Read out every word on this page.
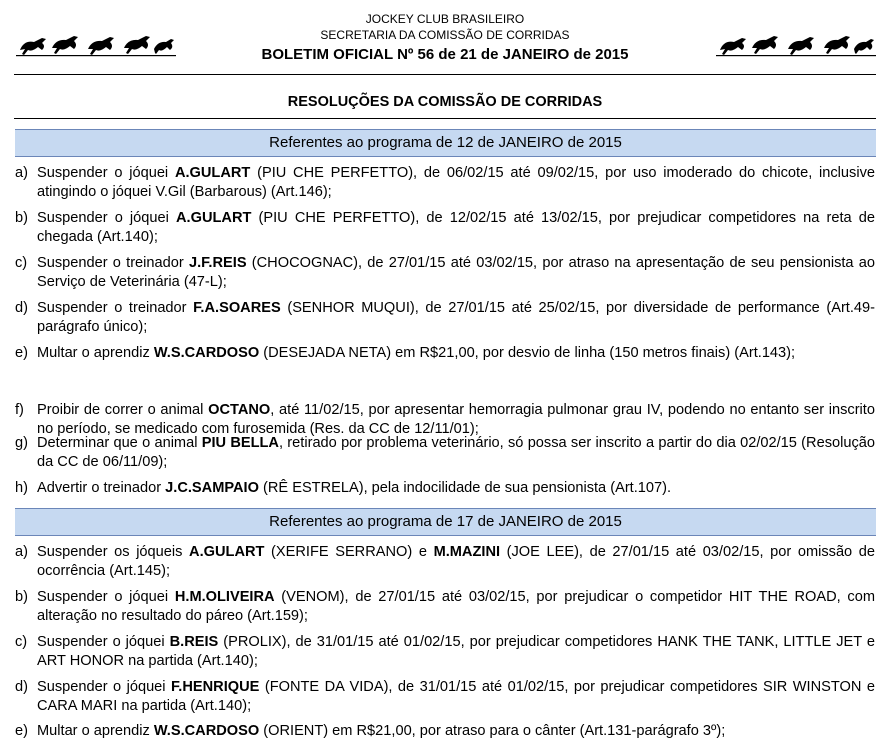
JOCKEY CLUB BRASILEIRO
SECRETARIA DA COMISSÃO DE CORRIDAS
BOLETIM OFICIAL Nº 56 de 21 de JANEIRO de 2015
RESOLUÇÕES DA COMISSÃO DE CORRIDAS
Referentes ao programa de 12 de JANEIRO de 2015
a) Suspender o jóquei A.GULART (PIU CHE PERFETTO), de 06/02/15 até 09/02/15, por uso imoderado do chicote, inclusive atingindo o jóquei V.Gil (Barbarous) (Art.146);
b) Suspender o jóquei A.GULART (PIU CHE PERFETTO), de 12/02/15 até 13/02/15, por prejudicar competidores na reta de chegada (Art.140);
c) Suspender o treinador J.F.REIS (CHOCOGNAC), de 27/01/15 até 03/02/15, por atraso na apresentação de seu pensionista ao Serviço de Veterinária (47-L);
d) Suspender o treinador F.A.SOARES (SENHOR MUQUI), de 27/01/15 até 25/02/15, por diversidade de performance (Art.49-parágrafo único);
e) Multar o aprendiz W.S.CARDOSO (DESEJADA NETA) em R$21,00, por desvio de linha (150 metros finais) (Art.143);
f) Proibir de correr o animal OCTANO, até 11/02/15, por apresentar hemorragia pulmonar grau IV, podendo no entanto ser inscrito no período, se medicado com furosemida (Res. da CC de 12/11/01);
g) Determinar que o animal PIU BELLA, retirado por problema veterinário, só possa ser inscrito a partir do dia 02/02/15 (Resolução da CC de 06/11/09);
h) Advertir o treinador J.C.SAMPAIO (RÊ ESTRELA), pela indocilidade de sua pensionista (Art.107).
Referentes ao programa de 17 de JANEIRO de 2015
a) Suspender os jóqueis A.GULART (XERIFE SERRANO) e M.MAZINI (JOE LEE), de 27/01/15 até 03/02/15, por omissão de ocorrência (Art.145);
b) Suspender o jóquei H.M.OLIVEIRA (VENOM), de 27/01/15 até 03/02/15, por prejudicar o competidor HIT THE ROAD, com alteração no resultado do páreo (Art.159);
c) Suspender o jóquei B.REIS (PROLIX), de 31/01/15 até 01/02/15, por prejudicar competidores HANK THE TANK, LITTLE JET e ART HONOR na partida (Art.140);
d) Suspender o jóquei F.HENRIQUE (FONTE DA VIDA), de 31/01/15 até 01/02/15, por prejudicar competidores SIR WINSTON e CARA MARI na partida (Art.140);
e) Multar o aprendiz W.S.CARDOSO (ORIENT) em R$21,00, por atraso para o cânter (Art.131-parágrafo 3º);
